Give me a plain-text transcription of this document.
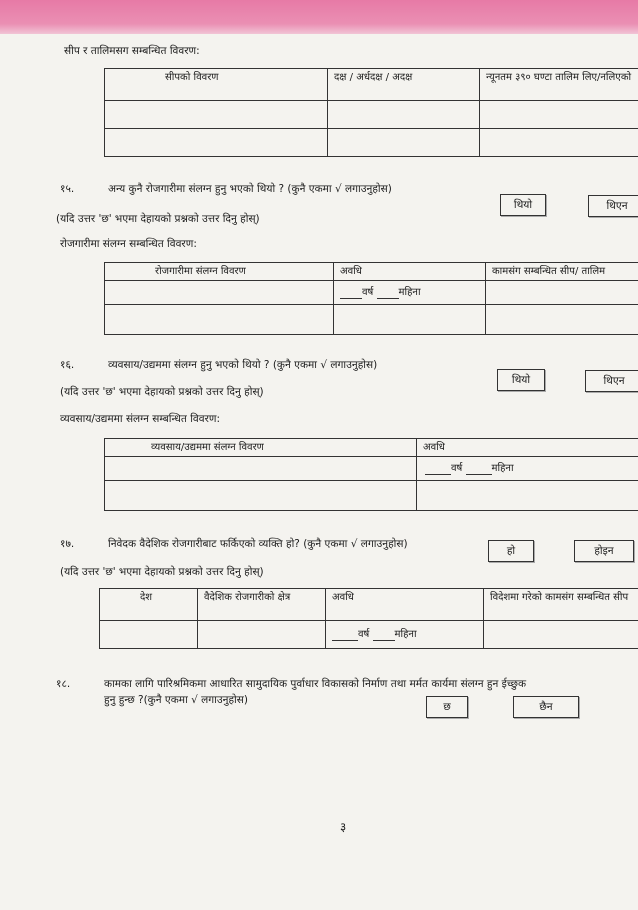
सीप र तालिमसग सम्बन्धित विवरण:
सीपको विवरण	दक्ष / अर्धदक्ष / अदक्ष	न्यूनतम ३९० घण्टा तालिम लिए/नलिएको

१५.	अन्य कुनै रोजगारीमा संलग्न हुनु भएको थियो ? (कुनै एकमा √ लगाउनुहोस)
थियो	थिएन
(यदि उत्तर 'छ' भएमा देहायको प्रश्नको उत्तर दिनु होस्)
रोजगारीमा संलग्न सम्बन्धित विवरण:
रोजगारीमा संलग्न विवरण	अवधि	कामसंग सम्बन्धित सीप/ तालिम
	वर्ष महिना	

१६.	व्यवसाय/उद्यममा संलग्न हुनु भएको थियो ? (कुनै एकमा √ लगाउनुहोस)
थियो	थिएन
(यदि उत्तर 'छ' भएमा देहायको प्रश्नको उत्तर दिनु होस्)
व्यवसाय/उद्यममा संलग्न सम्बन्धित विवरण:
व्यवसाय/उद्यममा संलग्न विवरण	अवधि
	वर्ष महिना

१७.	निवेदक वैदेशिक रोजगारीबाट फर्किएको व्यक्ति हो? (कुनै एकमा √ लगाउनुहोस)
हो	होइन
(यदि उत्तर 'छ' भएमा देहायको प्रश्नको उत्तर दिनु होस्)
देश	वैदेशिक रोजगारीको क्षेत्र	अवधि	विदेशमा गरेको कामसंग सम्बन्धित सीप
		वर्ष महिना	
१८.	कामका लागि पारिश्रमिकमा आधारित सामुदायिक पुर्वाधार विकासको निर्माण तथा मर्मत कार्यमा संलग्न हुन ईच्छुक
हुनु हुन्छ ?(कुनै एकमा √ लगाउनुहोस)
छ	छैन
३
